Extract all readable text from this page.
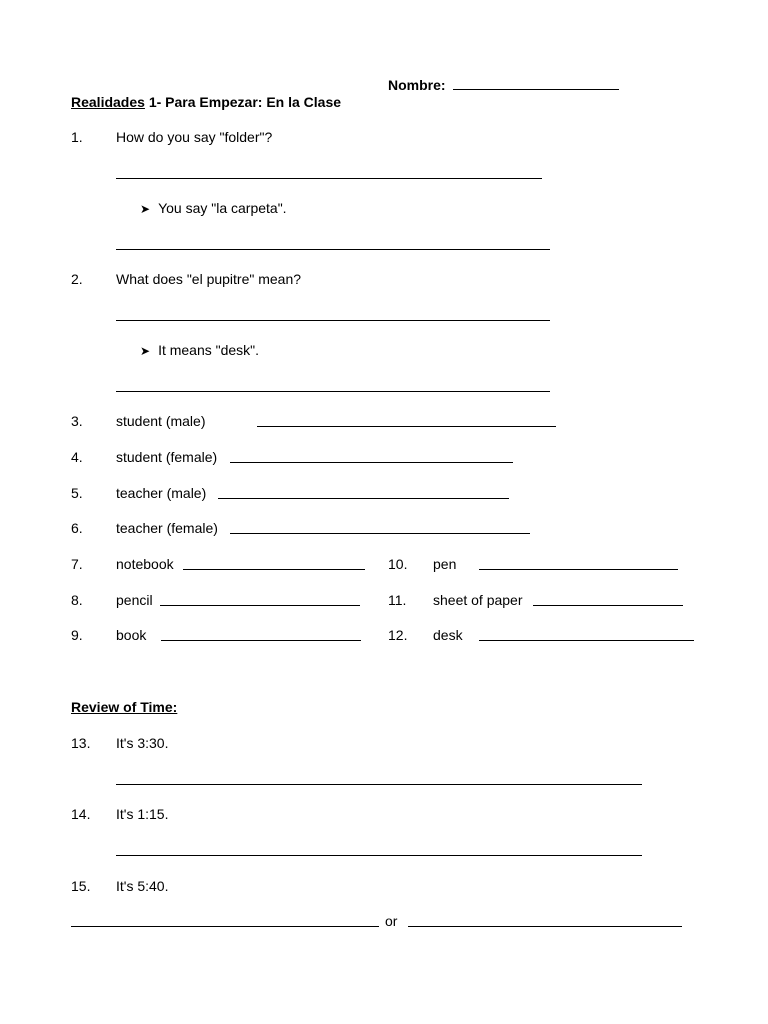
Nombre:
Realidades 1- Para Empezar: En la Clase
1. How do you say "folder"?
➤ You say "la carpeta".
2. What does "el pupitre" mean?
➤ It means "desk".
3. student (male)
4. student (female)
5. teacher (male)
6. teacher (female)
7. notebook	10. pen
8. pencil	11. sheet of paper
9. book	12. desk
Review of Time:
13. It's 3:30.
14. It's 1:15.
15. It's 5:40.
or
